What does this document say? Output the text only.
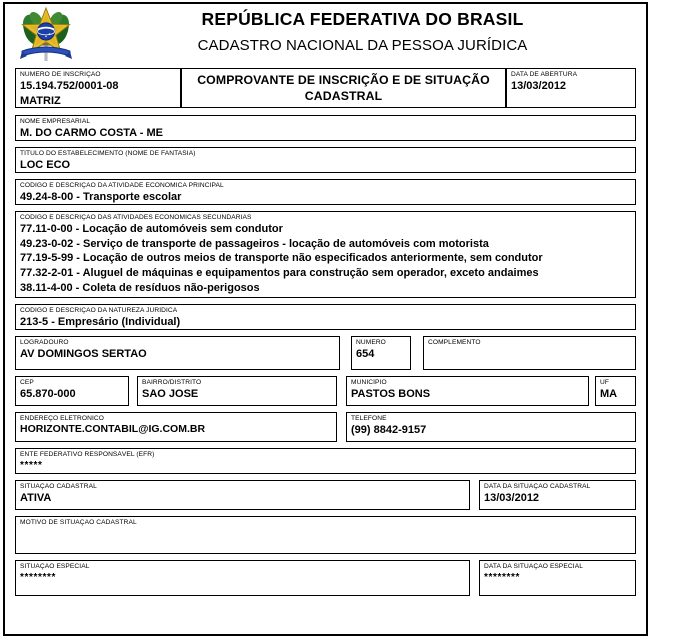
REPÚBLICA FEDERATIVA DO BRASIL
CADASTRO NACIONAL DA PESSOA JURÍDICA
NÚMERO DE INSCRIÇÃO
15.194.752/0001-08
MATRIZ
COMPROVANTE DE INSCRIÇÃO E DE SITUAÇÃO CADASTRAL
DATA DE ABERTURA
13/03/2012
NOME EMPRESARIAL
M. DO CARMO COSTA - ME
TÍTULO DO ESTABELECIMENTO (NOME DE FANTASIA)
LOC ECO
CÓDIGO E DESCRIÇÃO DA ATIVIDADE ECONÔMICA PRINCIPAL
49.24-8-00 - Transporte escolar
CÓDIGO E DESCRIÇÃO DAS ATIVIDADES ECONÔMICAS SECUNDÁRIAS
77.11-0-00 - Locação de automóveis sem condutor
49.23-0-02 - Serviço de transporte de passageiros - locação de automóveis com motorista
77.19-5-99 - Locação de outros meios de transporte não especificados anteriormente, sem condutor
77.32-2-01 - Aluguel de máquinas e equipamentos para construção sem operador, exceto andaimes
38.11-4-00 - Coleta de resíduos não-perigosos
CÓDIGO E DESCRIÇÃO DA NATUREZA JURÍDICA
213-5 - Empresário (Individual)
LOGRADOURO
AV DOMINGOS SERTAO
NÚMERO
654
COMPLEMENTO
CEP
65.870-000
BAIRRO/DISTRITO
SAO JOSE
MUNICÍPIO
PASTOS BONS
UF
MA
ENDEREÇO ELETRÔNICO
HORIZONTE.CONTABIL@IG.COM.BR
TELEFONE
(99) 8842-9157
ENTE FEDERATIVO RESPONSÁVEL (EFR)
*****
SITUAÇÃO CADASTRAL
ATIVA
DATA DA SITUAÇÃO CADASTRAL
13/03/2012
MOTIVO DE SITUAÇÃO CADASTRAL
SITUAÇÃO ESPECIAL
********
DATA DA SITUAÇÃO ESPECIAL
********
